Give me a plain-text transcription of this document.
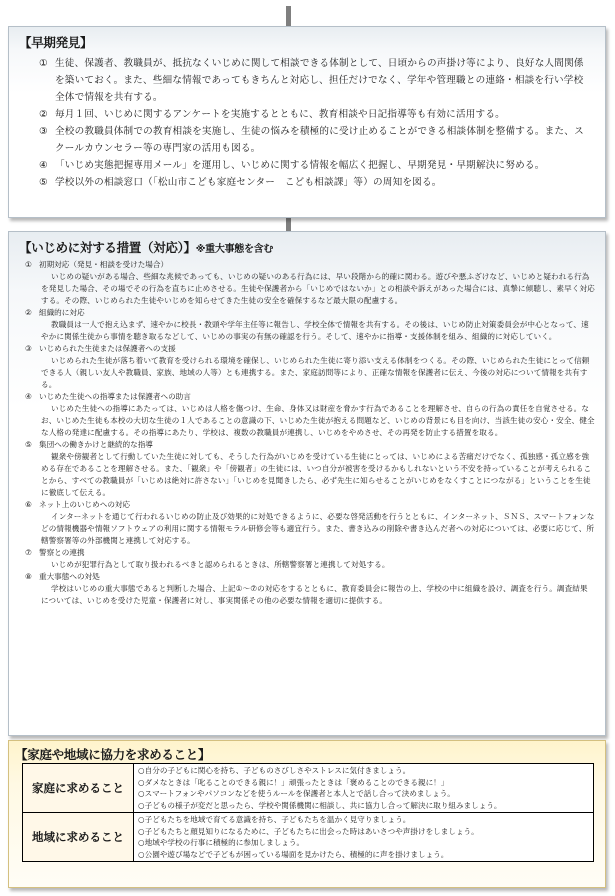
【早期発見】
① 生徒、保護者、教職員が、抵抗なくいじめに関して相談できる体制として、日頃からの声掛け等により、良好な人間関係を築いておく。また、些細な情報であってもきちんと対応し、担任だけでなく、学年や管理職との連絡・相談を行い学校全体で情報を共有する。
② 毎月１回、いじめに関するアンケートを実施するとともに、教育相談や日記指導等も有効に活用する。
③ 全校の教職員体制での教育相談を実施し、生徒の悩みを積極的に受け止めることができる相談体制を整備する。また、スクールカウンセラー等の専門家の活用も図る。
④ 「いじめ実態把握専用メール」を運用し、いじめに関する情報を幅広く把握し、早期発見・早期解決に努める。
⑤ 学校以外の相談窓口（「松山市こども家庭センター　こども相談課」等）の周知を図る。
【いじめに対する措置（対応）】※重大事態を含む
① 初期対応（発見・相談を受けた場合）
いじめの疑いがある場合、些細な兆候であっても、いじめの疑いのある行為には、早い段階から的確に関わる。遊びや悪ふざけなど、いじめと疑われる行為を発見した場合、その場でその行為を直ちに止めさせる。生徒や保護者から「いじめではないか」との相談や訴えがあった場合には、真摯に傾聴し、素早く対応する。その際、いじめられた生徒やいじめを知らせてきた生徒の安全を確保するなど最大限の配慮する。
② 組織的に対応
教職員は一人で抱え込まず、速やかに校長・教頭や学年主任等に報告し、学校全体で情報を共有する。その後は、いじめ防止対策委員会が中心となって、速やかに関係生徒から事情を聴き取るなどして、いじめの事実の有無の確認を行う。そして、速やかに指導・支援体制を組み、組織的に対応していく。
③ いじめられた生徒または保護者への支援
いじめられた生徒が落ち着いて教育を受けられる環境を確保し、いじめられた生徒に寄り添い支える体制をつくる。その際、いじめられた生徒にとって信頼できる人（親しい友人や教職員、家族、地域の人等）とも連携する。また、家庭訪問等により、正確な情報を保護者に伝え、今後の対応について情報を共有する。
④ いじめた生徒への指導または保護者への助言
いじめた生徒への指導にあたっては、いじめは人格を傷つけ、生命、身体又は財産を脅かす行為であることを理解させ、自らの行為の責任を自覚させる。なお、いじめた生徒も本校の大切な生徒の１人であることの意識の下、いじめた生徒が抱える問題など、いじめの背景にも目を向け、当該生徒の安心・安全、健全な人格の発達に配慮する。その指導にあたり、学校は、複数の教職員が連携し、いじめをやめさせ、その再発を防止する措置を取る。
⑤ 集団への働きかけと継続的な指導
観衆や傍観者として行動していた生徒に対しても、そうした行為がいじめを受けている生徒にとっては、いじめによる苦痛だけでなく、孤独感・孤立感を強める存在であることを理解させる。また、「観衆」や「傍観者」の生徒には、いつ自分が被害を受けるかもしれないという不安を持っていることが考えられることから、すべての教職員が「いじめは絶対に許さない」「いじめを見聞きしたら、必ず先生に知らせることがいじめをなくすことにつながる」ということを生徒に徹底して伝える。
⑥ ネット上のいじめへの対応
インターネットを通じて行われるいじめの防止及び効果的に対処できるように、必要な啓発活動を行うとともに、インターネット、ＳＮＳ、スマートフォンなどの情報機器や情報ソフトウェアの利用に関する情報モラル研修会等も適宜行う。また、書き込みの削除や書き込んだ者への対応については、必要に応じて、所轄警察署等の外部機関と連携して対応する。
⑦ 警察との連携
いじめが犯罪行為として取り扱われるべきと認められるときは、所轄警察署と連携して対処する。
⑧ 重大事態への対処
学校はいじめの重大事態であると判断した場合、上記①～⑦の対応をするとともに、教育委員会に報告の上、学校の中に組織を設け、調査を行う。調査結果については、いじめを受けた児童・保護者に対し、事実関係その他の必要な情報を適切に提供する。
【家庭や地域に協力を求めること】
家庭に求めること	○自分の子どもに関心を持ち、子どものさびしさやストレスに気付きましょう。
○ダメなときは「叱ることのできる親に！」頑張ったときは「褒めることのできる親に！」
○スマートフォンやパソコンなどを使うルールを保護者と本人とで話し合って決めましょう。
○子どもの様子が変だと思ったら、学校や関係機関に相談し、共に協力し合って解決に取り組みましょう。

地域に求めること	○子どもたちを地域で育てる意識を持ち、子どもたちを温かく見守りましょう。
○子どもたちと顔見知りになるために、子どもたちに出会った時はあいさつや声掛けをしましょう。
○地域や学校の行事に積極的に参加しましょう。
○公園や遊び場などで子どもが困っている場面を見かけたら、積極的に声を掛けましょう。
